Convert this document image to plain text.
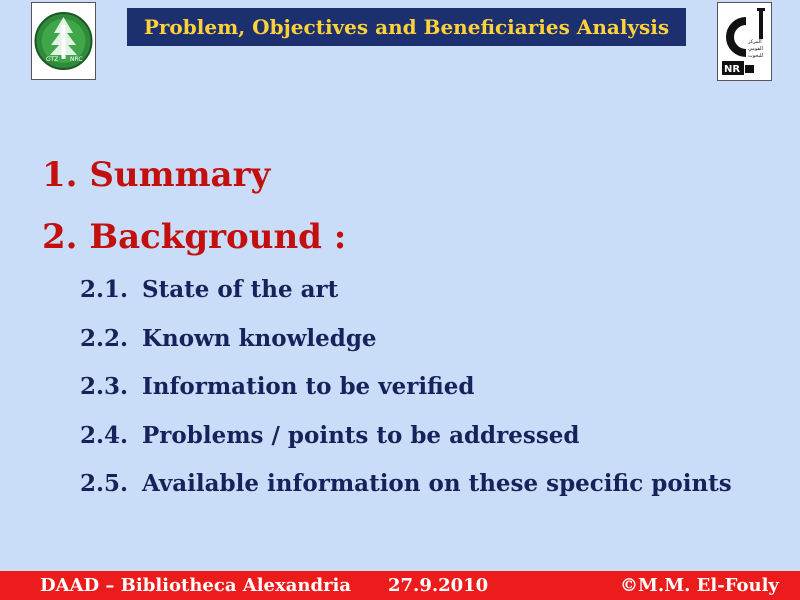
GTZ NRC
Problem, Objectives and Beneficiaries Analysis
المركز
القومي
للبحوث
NR
1. Summary
2. Background :
2.1. State of the art
2.2. Known knowledge
2.3. Information to be verified
2.4. Problems / points to be addressed
2.5. Available information on these specific points
DAAD – Bibliotheca Alexandria 27.9.2010	©M.M. El-Fouly
